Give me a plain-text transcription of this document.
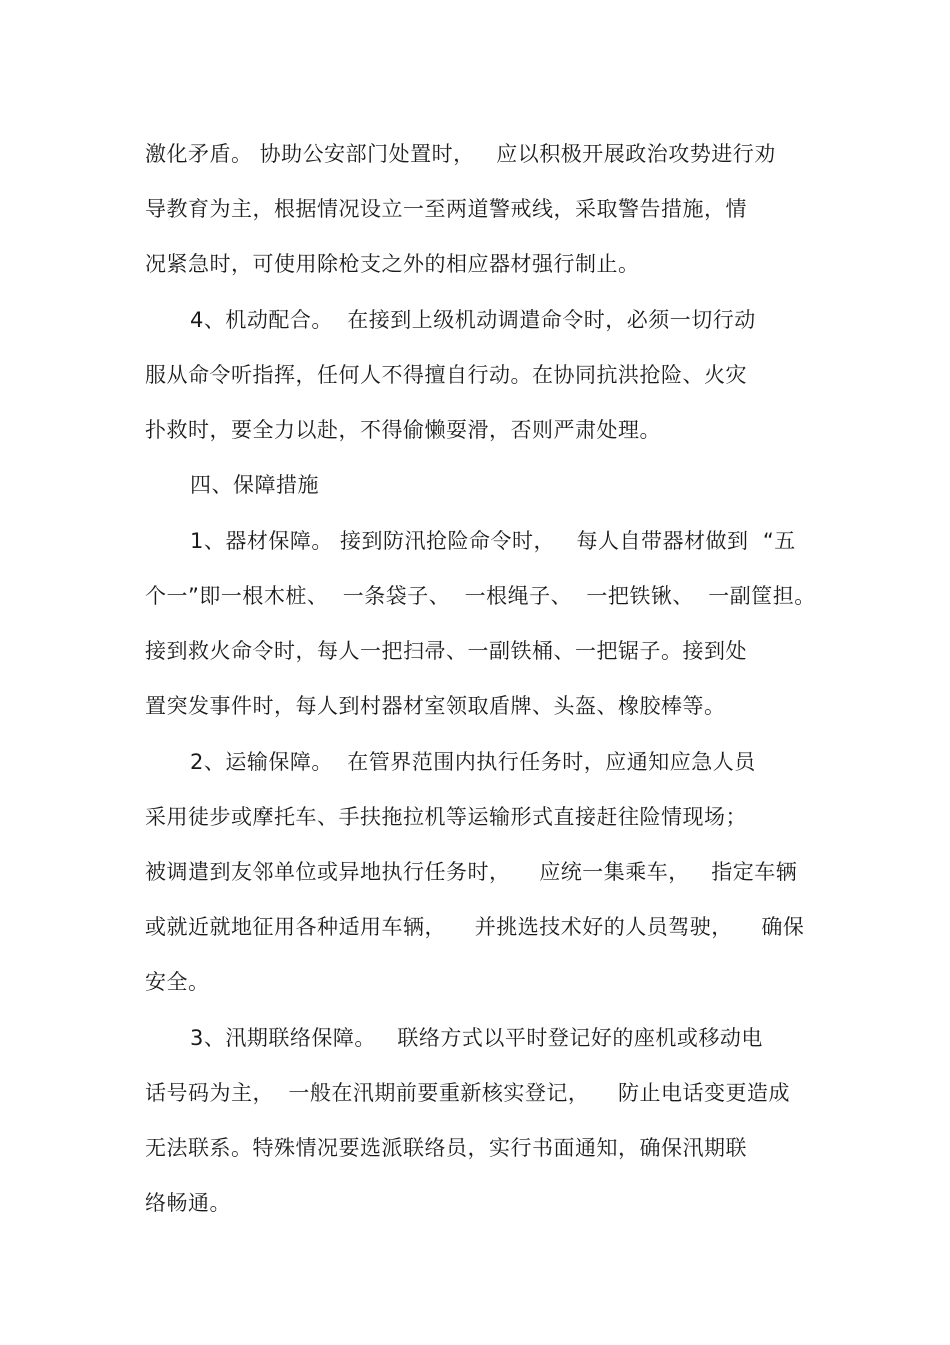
激化矛盾。 协助公安部门处置时，   应以积极开展政治攻势进行劝

导教育为主，根据情况设立一至两道警戒线，采取警告措施，情

况紧急时，可使用除枪支之外的相应器材强行制止。

4、机动配合。  在接到上级机动调遣命令时，必须一切行动

服从命令听指挥，任何人不得擅自行动。在协同抗洪抢险、火灾

扑救时，要全力以赴，不得偷懒耍滑，否则严肃处理。

四、保障措施

1、器材保障。 接到防汛抢险命令时，   每人自带器材做到  “五

个一”即一根木桩、  一条袋子、  一根绳子、  一把铁锹、  一副筐担。

接到救火命令时，每人一把扫帚、一副铁桶、一把锯子。接到处

置突发事件时，每人到村器材室领取盾牌、头盔、橡胶棒等。

2、运输保障。  在管界范围内执行任务时，应通知应急人员

采用徒步或摩托车、手扶拖拉机等运输形式直接赶往险情现场；

被调遣到友邻单位或异地执行任务时，    应统一集乘车，   指定车辆

或就近就地征用各种适用车辆，    并挑选技术好的人员驾驶，    确保

安全。

3、汛期联络保障。   联络方式以平时登记好的座机或移动电

话号码为主，  一般在汛期前要重新核实登记，    防止电话变更造成

无法联系。特殊情况要选派联络员，实行书面通知，确保汛期联

络畅通。
